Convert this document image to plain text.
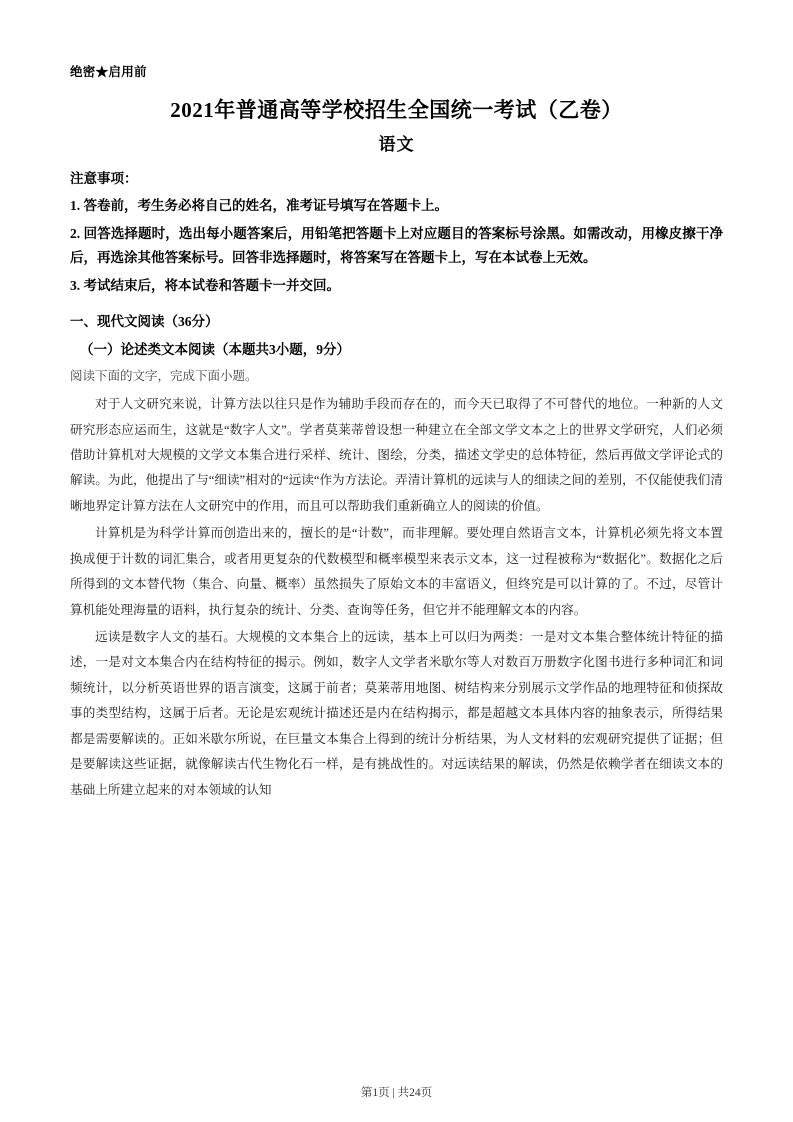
绝密★启用前
2021年普通高等学校招生全国统一考试（乙卷）
语文
注意事项：

1. 答卷前，考生务必将自己的姓名，准考证号填写在答题卡上。

2. 回答选择题时，选出每小题答案后，用铅笔把答题卡上对应题目的答案标号涂黑。如需改动，用橡皮擦干净后，再选涂其他答案标号。回答非选择题时，将答案写在答题卡上，写在本试卷上无效。

3. 考试结束后，将本试卷和答题卡一并交回。

一、现代文阅读（36分）
（一）论述类文本阅读（本题共3小题，9分）
阅读下面的文字，完成下面小题。

对于人文研究来说，计算方法以往只是作为辅助手段而存在的，而今天已取得了不可替代的地位。一种新的人文研究形态应运而生，这就是“数字人文”。学者莫莱蒂曾设想一种建立在全部文学文本之上的世界文学研究，人们必须借助计算机对大规模的文学文本集合进行采样、统计、图绘，分类，描述文学史的总体特征，然后再做文学评论式的解读。为此，他提出了与“细读”相对的“远读“作为方法论。弄清计算机的远读与人的细读之间的差别，不仅能使我们清晰地界定计算方法在人文研究中的作用，而且可以帮助我们重新确立人的阅读的价值。

计算机是为科学计算而创造出来的，擅长的是“计数”，而非理解。要处理自然语言文本，计算机必须先将文本置换成便于计数的词汇集合，或者用更复杂的代数模型和概率模型来表示文本，这一过程被称为“数据化”。数据化之后所得到的文本替代物（集合、向量、概率）虽然损失了原始文本的丰富语义，但终究是可以计算的了。不过，尽管计算机能处理海量的语料，执行复杂的统计、分类、查询等任务，但它并不能理解文本的内容。

远读是数字人文的基石。大规模的文本集合上的远读，基本上可以归为两类：一是对文本集合整体统计特征的描述，一是对文本集合内在结构特征的揭示。例如，数字人文学者米歇尔等人对数百万册数字化图书进行多种词汇和词频统计，以分析英语世界的语言演变，这属于前者；莫莱蒂用地图、树结构来分别展示文学作品的地理特征和侦探故事的类型结构，这属于后者。无论是宏观统计描述还是内在结构揭示，都是超越文本具体内容的抽象表示，所得结果都是需要解读的。正如米歇尔所说，在巨量文本集合上得到的统计分析结果，为人文材料的宏观研究提供了证据；但是要解读这些证据，就像解读古代生物化石一样，是有挑战性的。对远读结果的解读，仍然是依赖学者在细读文本的基础上所建立起来的对本领域的认知

第1页 | 共24页
